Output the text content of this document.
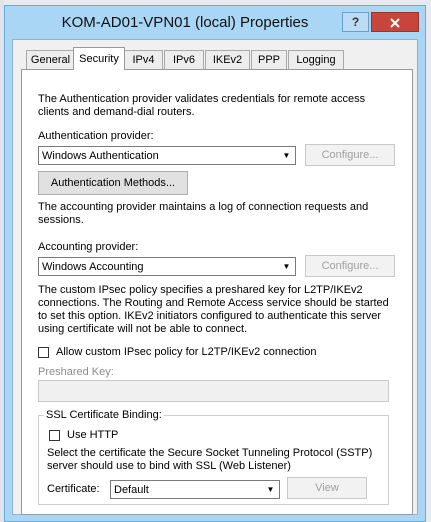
KOM-AD01-VPN01 (local) Properties	?
General Security	IPv4	IPv6	IKEv2	PPP	Logging
The Authentication provider validates credentials for remote access clients and demand-dial routers.
Authentication provider:
Windows Authentication	▼	Configure...
Authentication Methods...
The accounting provider maintains a log of connection requests and sessions.
Accounting provider:
Windows Accounting	▼	Configure...
The custom IPsec policy specifies a preshared key for L2TP/IKEv2 connections. The Routing and Remote Access service should be started to set this option. IKEv2 initiators configured to authenticate this server using certificate will not be able to connect.
Allow custom IPsec policy for L2TP/IKEv2 connection
Preshared Key:
SSL Certificate Binding:
Use HTTP
Select the certificate the Secure Socket Tunneling Protocol (SSTP) server should use to bind with SSL (Web Listener)
Certificate: Default	▼	View
